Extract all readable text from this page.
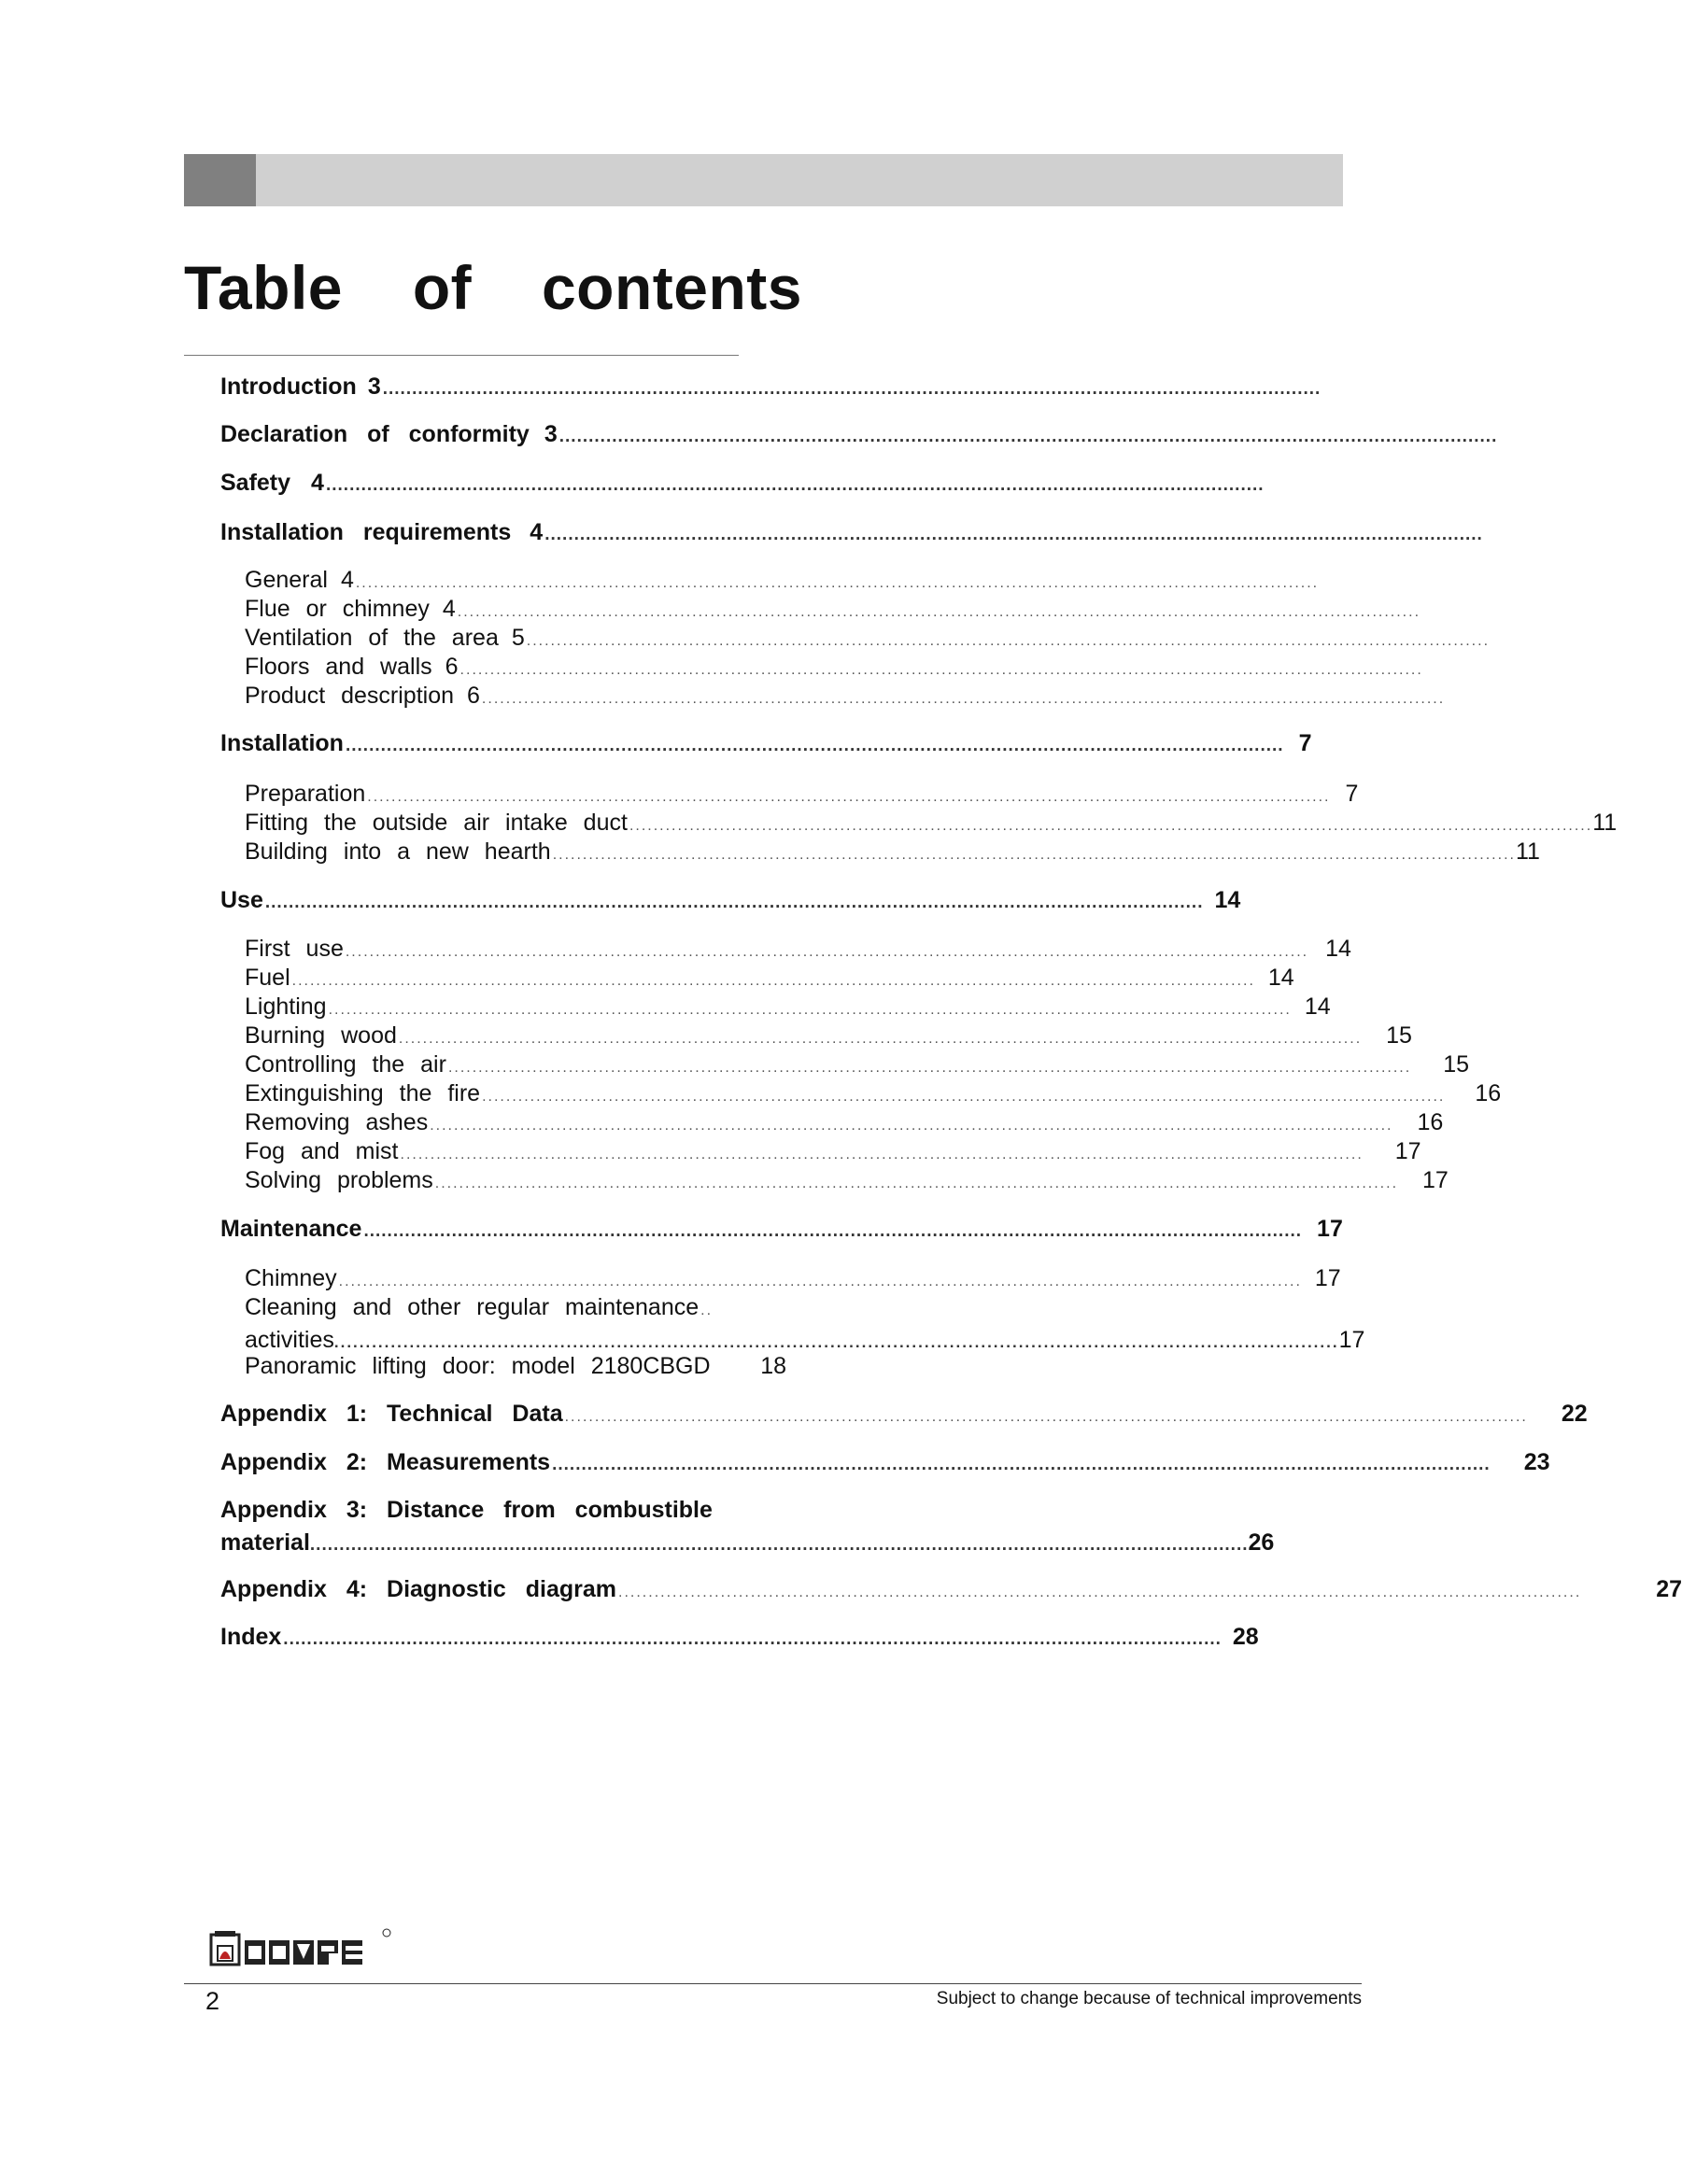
Table of contents
Introduction 3 ................................................................................................................................................................
Declaration of conformity 3 ................................................................................................................................................................
Safety 4 ................................................................................................................................................................
Installation requirements 4 ................................................................................................................................................................
General 4 ................................................................................................................................................................
Flue or chimney 4 ................................................................................................................................................................
Ventilation of the area 5 ................................................................................................................................................................
Floors and walls 6 ................................................................................................................................................................
Product description 6 ................................................................................................................................................................
Installation ................................................................................................................................................................ 7
Preparation ................................................................................................................................................................ 7
Fitting the outside air intake duct ................................................................................................................................................................ 11
Building into a new hearth ................................................................................................................................................................ 11
Use ................................................................................................................................................................ 14
First use ................................................................................................................................................................ 14
Fuel ................................................................................................................................................................ 14
Lighting ................................................................................................................................................................ 14
Burning wood ................................................................................................................................................................ 15
Controlling the air ................................................................................................................................................................ 15
Extinguishing the fire ................................................................................................................................................................ 16
Removing ashes ................................................................................................................................................................ 16
Fog and mist ................................................................................................................................................................ 17
Solving problems ................................................................................................................................................................ 17
Maintenance ................................................................................................................................................................ 17
Chimney ................................................................................................................................................................ 17
Cleaning and other regular maintenance ..
activities ................................................................................................................................................................ 17
Panoramic lifting door: model 2180CBGD 18
Appendix 1: Technical Data ................................................................................................................................................................ 22
Appendix 2: Measurements ................................................................................................................................................................ 23
Appendix 3: Distance from combustible
material ................................................................................................................................................................ 26
Appendix 4: Diagnostic diagram ................................................................................................................................................................	27
Index ................................................................................................................................................................ 28
2	Subject to change because of technical improvements
